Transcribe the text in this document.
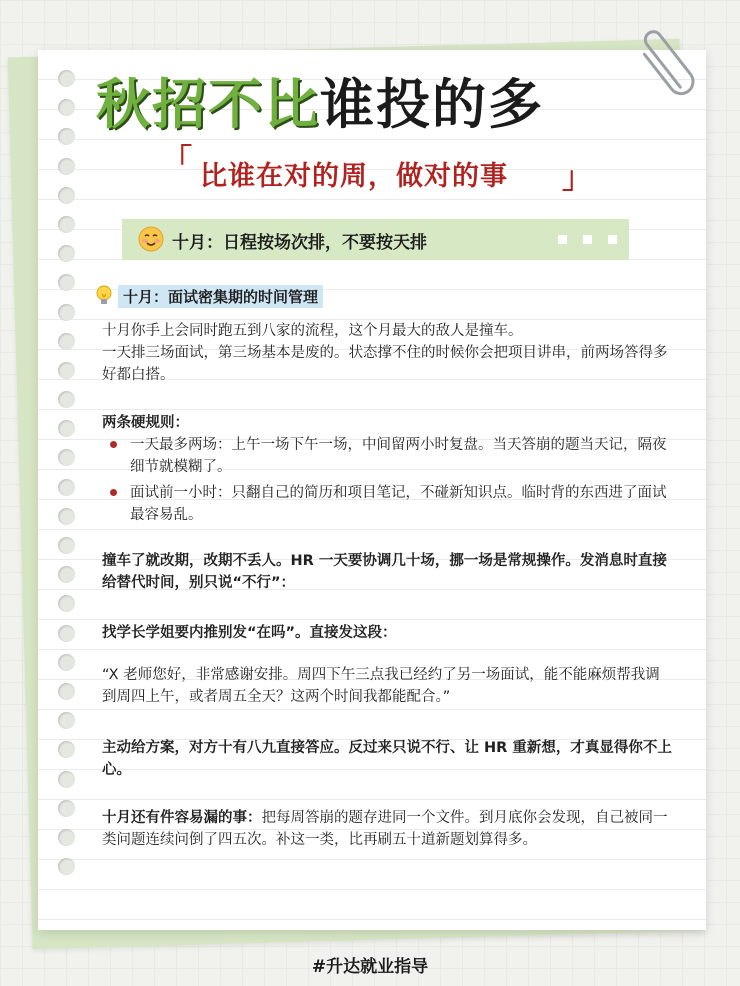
秋招不比谁投的多
「 比谁在对的周，做对的事 」
十月：日程按场次排，不要按天排
十月：面试密集期的时间管理
十月你手上会同时跑五到八家的流程，这个月最大的敌人是撞车。
一天排三场面试，第三场基本是废的。状态撑不住的时候你会把项目讲串，前两场答得多好都白搭。
两条硬规则：
一天最多两场：上午一场下午一场，中间留两小时复盘。当天答崩的题当天记，隔夜细节就模糊了。
面试前一小时：只翻自己的简历和项目笔记，不碰新知识点。临时背的东西进了面试最容易乱。
撞车了就改期，改期不丢人。HR 一天要协调几十场，挪一场是常规操作。发消息时直接给替代时间，别只说“不行”：
找学长学姐要内推别发“在吗”。直接发这段：
“X 老师您好，非常感谢安排。周四下午三点我已经约了另一场面试，能不能麻烦帮我调到周四上午，或者周五全天？这两个时间我都能配合。”
主动给方案，对方十有八九直接答应。反过来只说不行、让 HR 重新想，才真显得你不上心。
十月还有件容易漏的事：把每周答崩的题存进同一个文件。到月底你会发现，自己被同一类问题连续问倒了四五次。补这一类，比再刷五十道新题划算得多。
#升达就业指导
